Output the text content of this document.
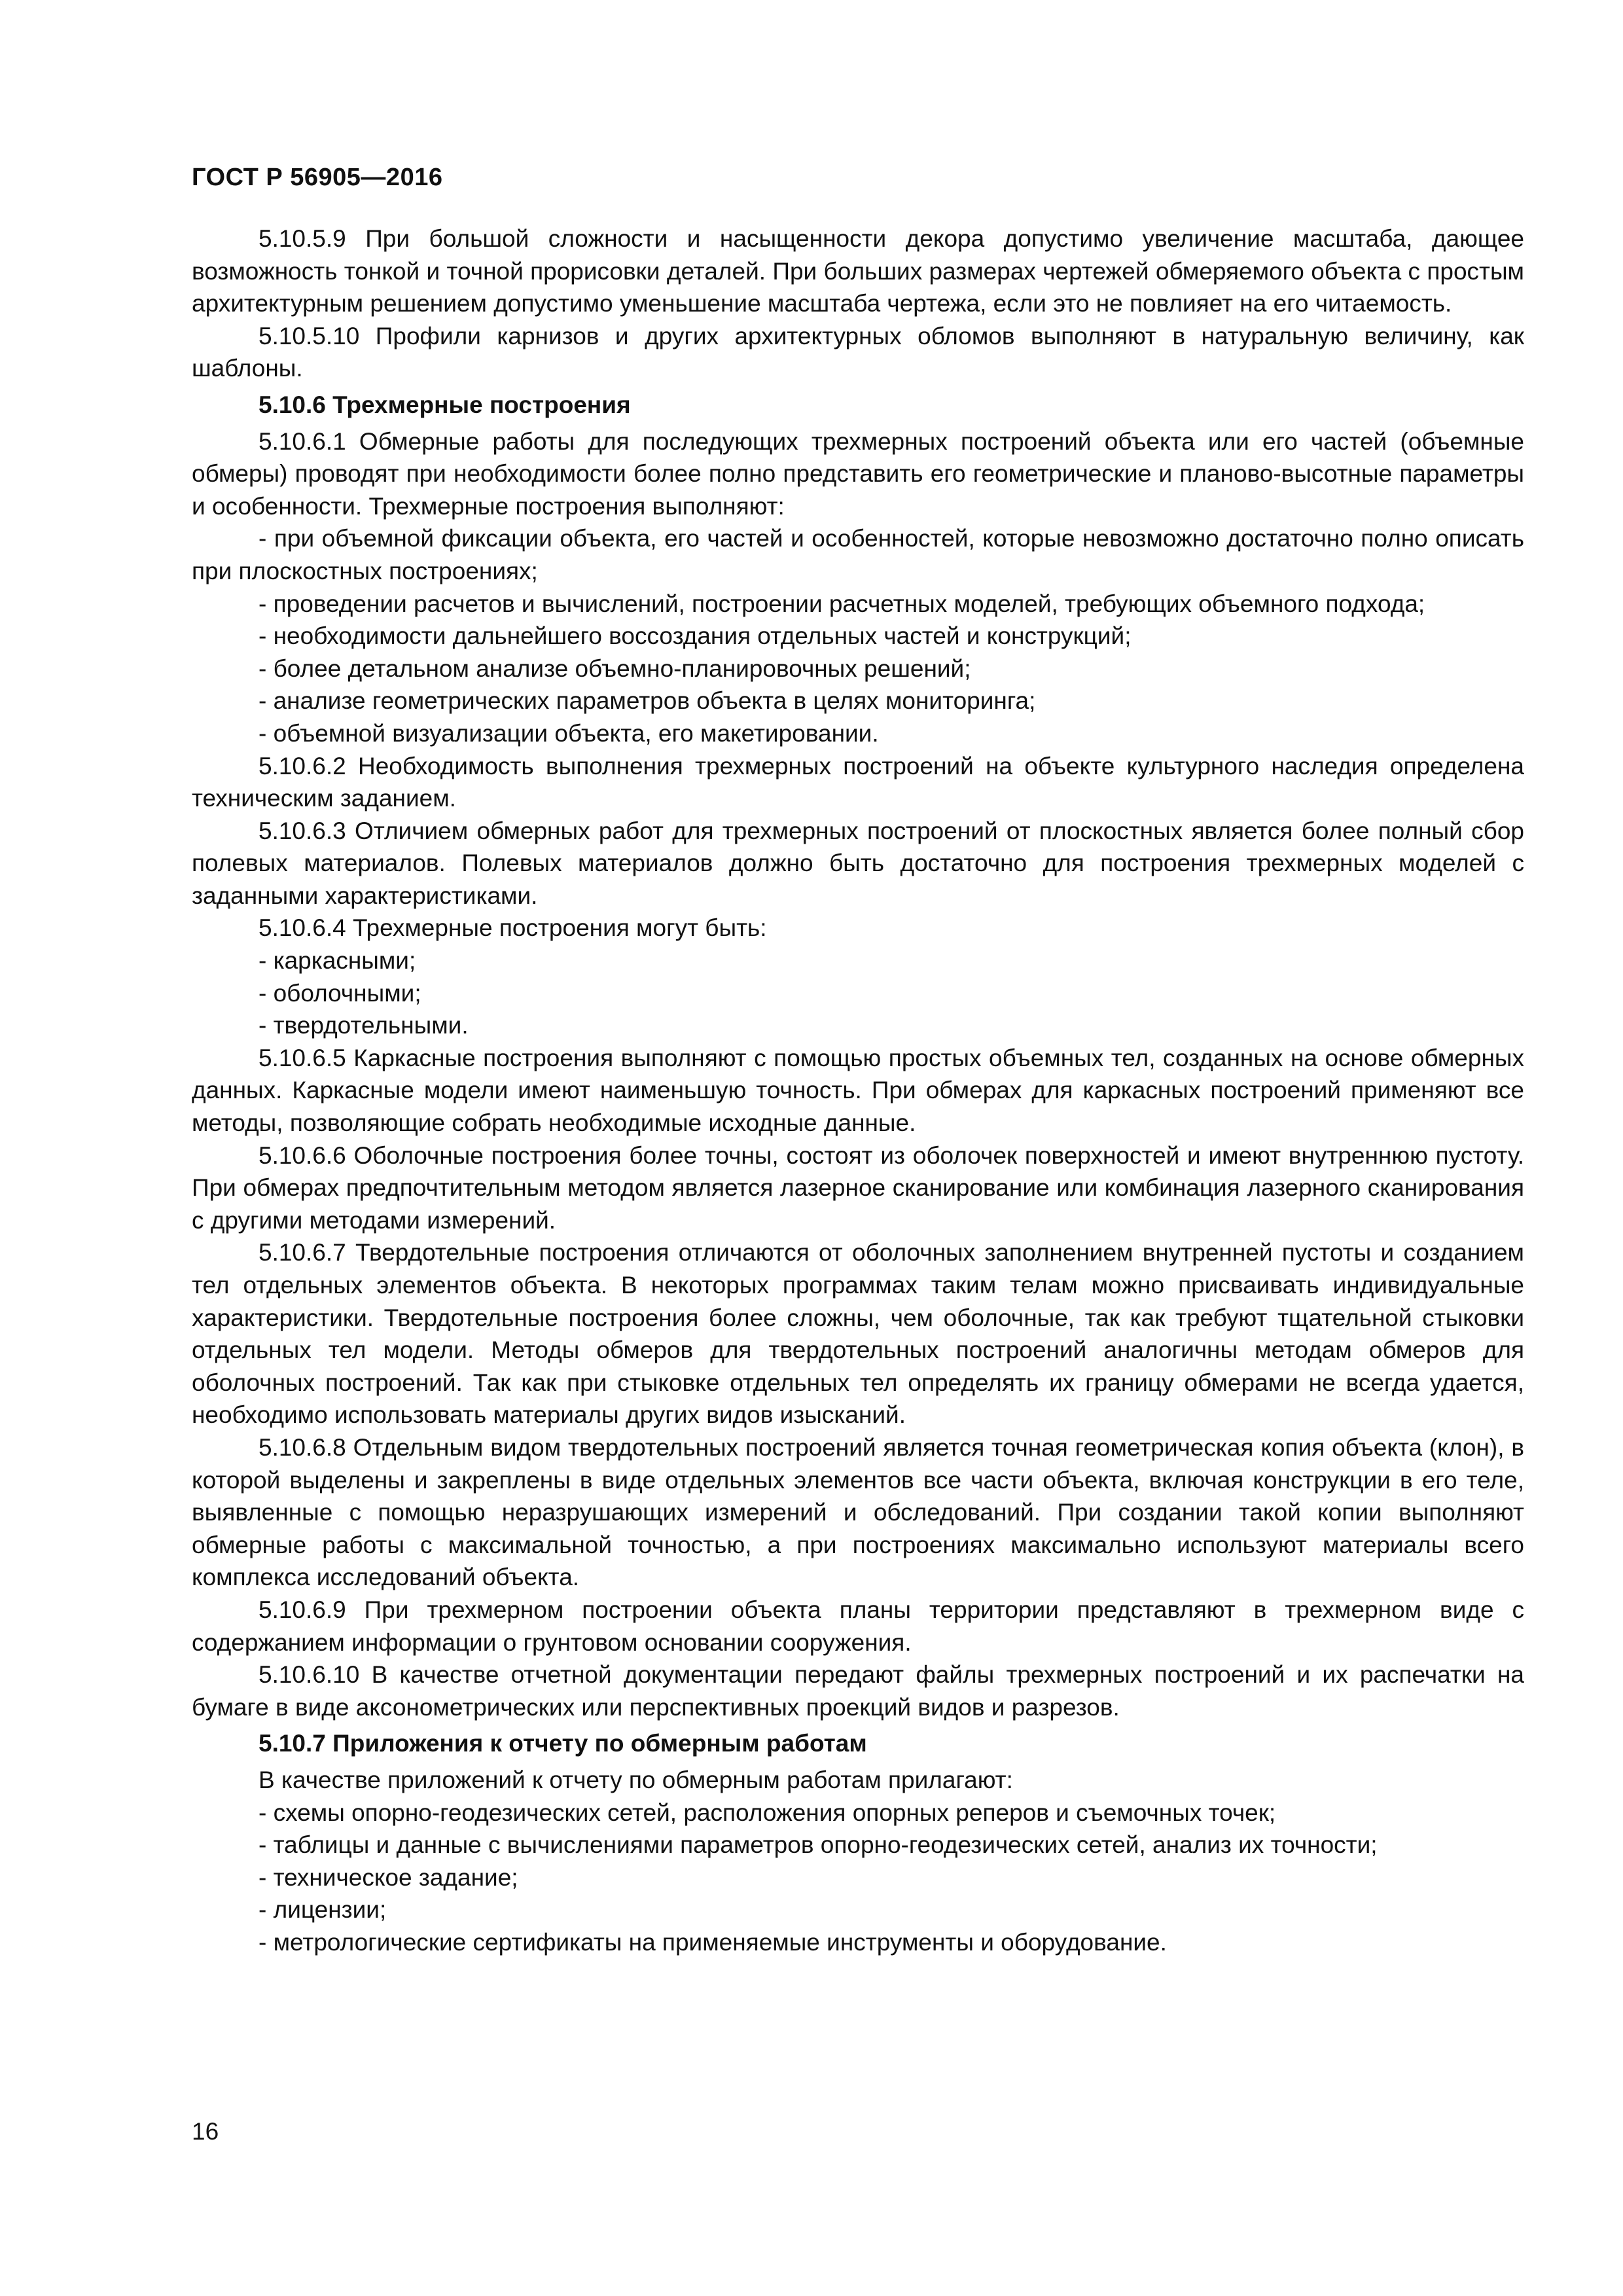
ГОСТ Р 56905—2016

5.10.5.9 При большой сложности и насыщенности декора допустимо увеличение масштаба, дающее возможность тонкой и точной прорисовки деталей. При больших размерах чертежей обмеряемого объекта с простым архитектурным решением допустимо уменьшение масштаба чертежа, если это не повлияет на его читаемость.

5.10.5.10 Профили карнизов и других архитектурных обломов выполняют в натуральную величину, как шаблоны.

5.10.6 Трехмерные построения

5.10.6.1 Обмерные работы для последующих трехмерных построений объекта или его частей (объемные обмеры) проводят при необходимости более полно представить его геометрические и планово-высотные параметры и особенности. Трехмерные построения выполняют:

- при объемной фиксации объекта, его частей и особенностей, которые невозможно достаточно полно описать при плоскостных построениях;

- проведении расчетов и вычислений, построении расчетных моделей, требующих объемного подхода;

- необходимости дальнейшего воссоздания отдельных частей и конструкций;

- более детальном анализе объемно-планировочных решений;

- анализе геометрических параметров объекта в целях мониторинга;

- объемной визуализации объекта, его макетировании.

5.10.6.2 Необходимость выполнения трехмерных построений на объекте культурного наследия определена техническим заданием.

5.10.6.3 Отличием обмерных работ для трехмерных построений от плоскостных является более полный сбор полевых материалов. Полевых материалов должно быть достаточно для построения трехмерных моделей с заданными характеристиками.

5.10.6.4 Трехмерные построения могут быть:

- каркасными;

- оболочными;

- твердотельными.

5.10.6.5 Каркасные построения выполняют с помощью простых объемных тел, созданных на основе обмерных данных. Каркасные модели имеют наименьшую точность. При обмерах для каркасных построений применяют все методы, позволяющие собрать необходимые исходные данные.

5.10.6.6 Оболочные построения более точны, состоят из оболочек поверхностей и имеют внутреннюю пустоту. При обмерах предпочтительным методом является лазерное сканирование или комбинация лазерного сканирования с другими методами измерений.

5.10.6.7 Твердотельные построения отличаются от оболочных заполнением внутренней пустоты и созданием тел отдельных элементов объекта. В некоторых программах таким телам можно присваивать индивидуальные характеристики. Твердотельные построения более сложны, чем оболочные, так как требуют тщательной стыковки отдельных тел модели. Методы обмеров для твердотельных построений аналогичны методам обмеров для оболочных построений. Так как при стыковке отдельных тел определять их границу обмерами не всегда удается, необходимо использовать материалы других видов изысканий.

5.10.6.8 Отдельным видом твердотельных построений является точная геометрическая копия объекта (клон), в которой выделены и закреплены в виде отдельных элементов все части объекта, включая конструкции в его теле, выявленные с помощью неразрушающих измерений и обследований. При создании такой копии выполняют обмерные работы с максимальной точностью, а при построениях максимально используют материалы всего комплекса исследований объекта.

5.10.6.9 При трехмерном построении объекта планы территории представляют в трехмерном виде с содержанием информации о грунтовом основании сооружения.

5.10.6.10 В качестве отчетной документации передают файлы трехмерных построений и их распечатки на бумаге в виде аксонометрических или перспективных проекций видов и разрезов.

5.10.7 Приложения к отчету по обмерным работам

В качестве приложений к отчету по обмерным работам прилагают:

- схемы опорно-геодезических сетей, расположения опорных реперов и съемочных точек;

- таблицы и данные с вычислениями параметров опорно-геодезических сетей, анализ их точности;

- техническое задание;

- лицензии;

- метрологические сертификаты на применяемые инструменты и оборудование.

16
